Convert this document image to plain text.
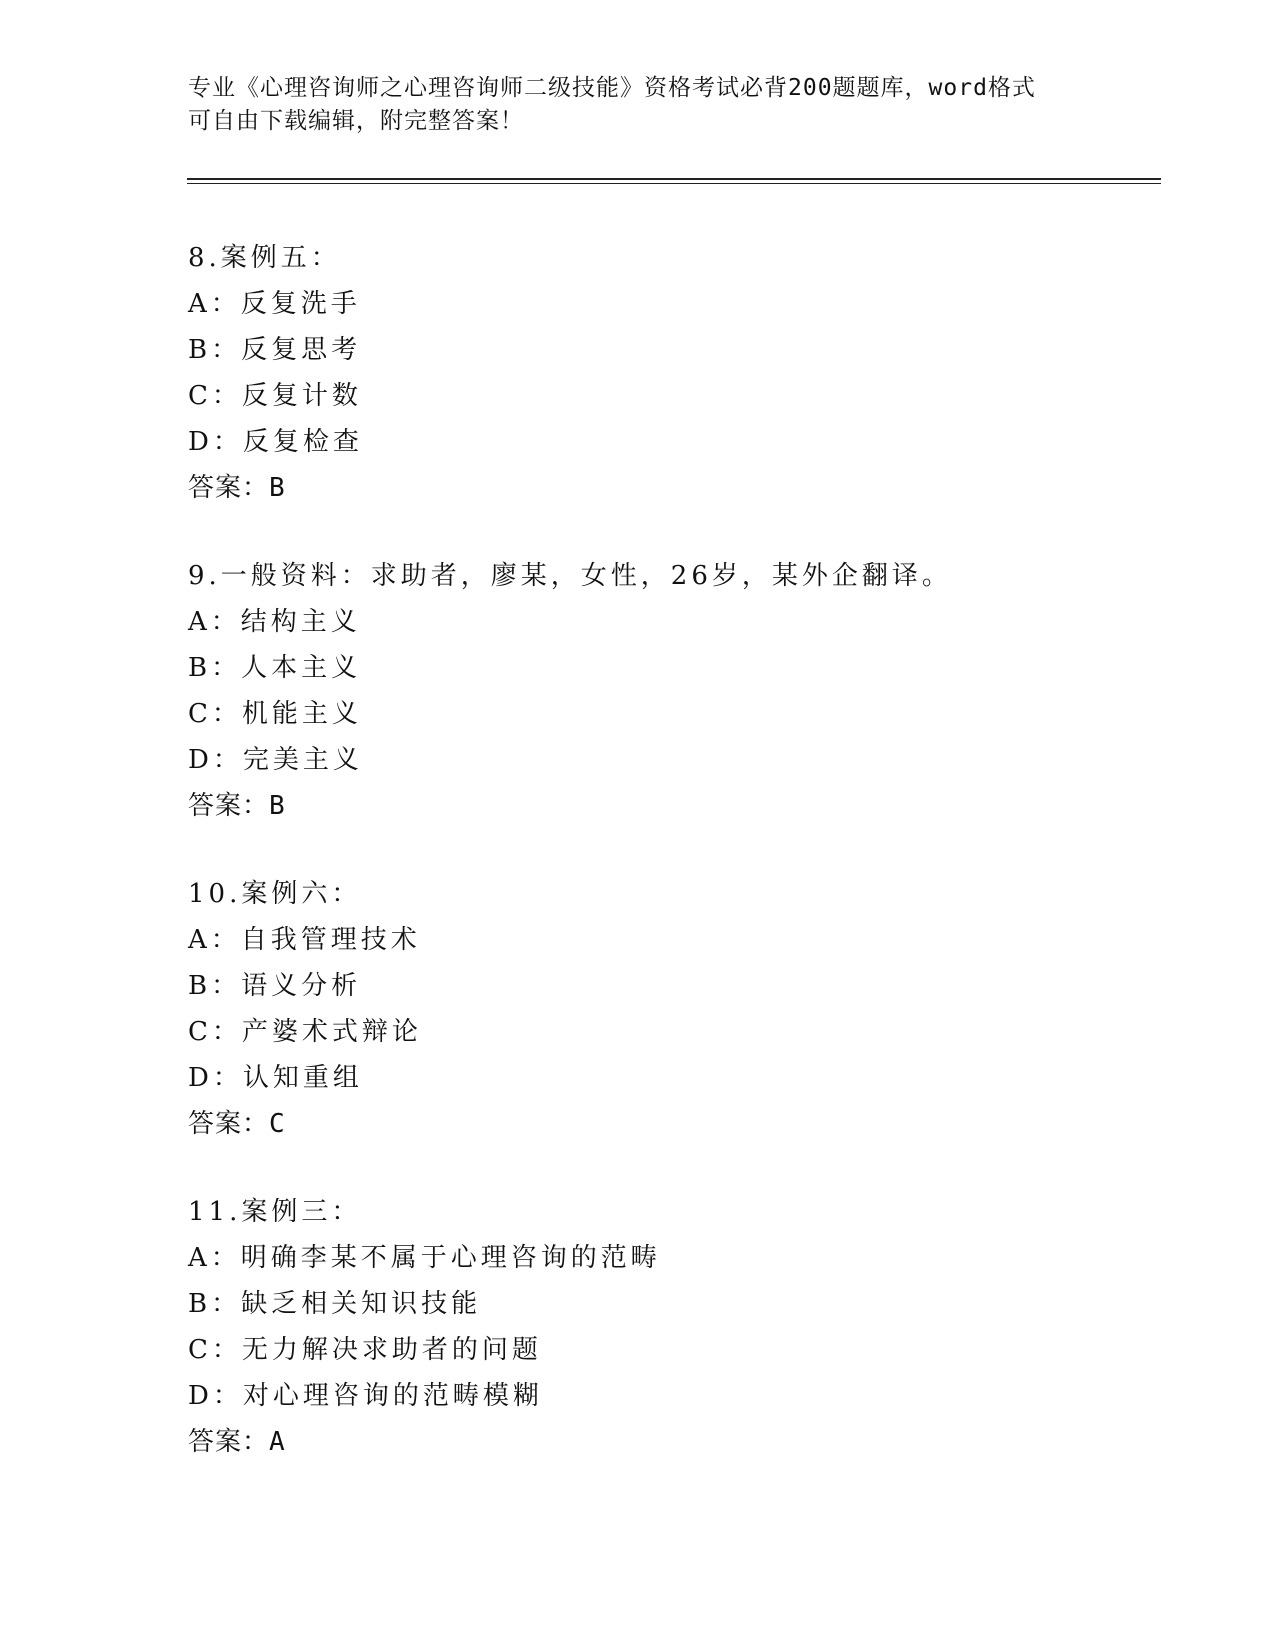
专业《心理咨询师之心理咨询师二级技能》资格考试必背200题题库，word格式
可自由下载编辑，附完整答案！
8.案例五：
A：反复洗手
B：反复思考
C：反复计数
D：反复检查
答案：B
9.一般资料：求助者，廖某，女性，26岁，某外企翻译。
A：结构主义
B：人本主义
C：机能主义
D：完美主义
答案：B
10.案例六：
A：自我管理技术
B：语义分析
C：产婆术式辩论
D：认知重组
答案：C
11.案例三：
A：明确李某不属于心理咨询的范畴
B：缺乏相关知识技能
C：无力解决求助者的问题
D：对心理咨询的范畴模糊
答案：A
